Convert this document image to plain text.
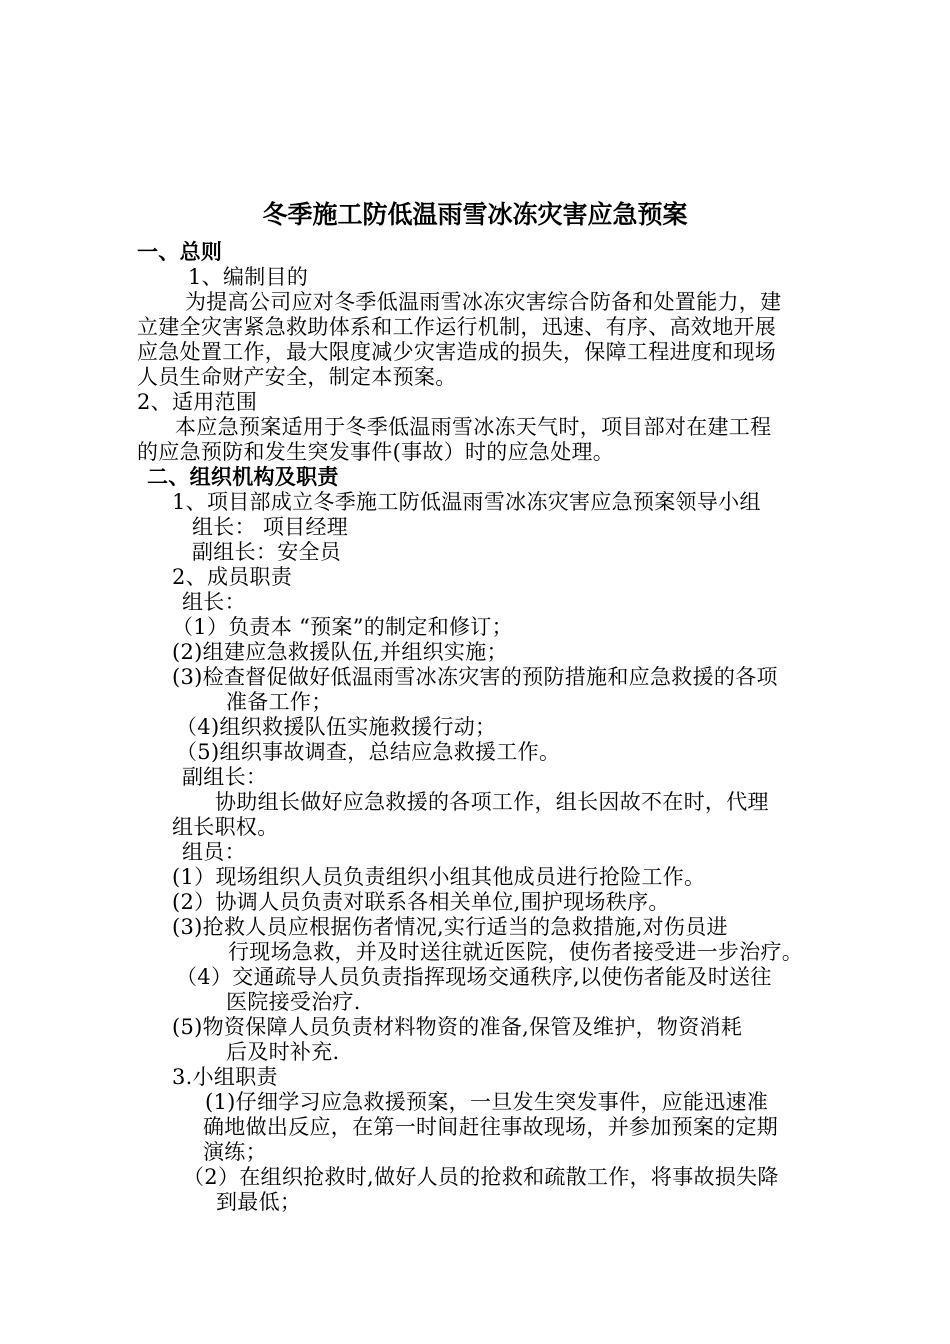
冬季施工防低温雨雪冰冻灾害应急预案
一、总则
1、编制目的
为提高公司应对冬季低温雨雪冰冻灾害综合防备和处置能力，建
立建全灾害紧急救助体系和工作运行机制，迅速、有序、高效地开展
应急处置工作，最大限度减少灾害造成的损失，保障工程进度和现场
人员生命财产安全，制定本预案。
2、适用范围
本应急预案适用于冬季低温雨雪冰冻天气时，项目部对在建工程
的应急预防和发生突发事件(事故）时的应急处理。
二、组织机构及职责
1、项目部成立冬季施工防低温雨雪冰冻灾害应急预案领导小组
组长： 项目经理
副组长：安全员
2、成员职责
组长：
（1）负责本 “预案”的制定和修订；
(2)组建应急救援队伍,并组织实施；
(3)检查督促做好低温雨雪冰冻灾害的预防措施和应急救援的各项
准备工作；
（4)组织救援队伍实施救援行动；
（5)组织事故调查，总结应急救援工作。
副组长：
协助组长做好应急救援的各项工作，组长因故不在时，代理
组长职权。
组员：
(1）现场组织人员负责组织小组其他成员进行抢险工作。
(2）协调人员负责对联系各相关单位,围护现场秩序。
(3)抢救人员应根据伤者情况,实行适当的急救措施,对伤员进
行现场急救，并及时送往就近医院，使伤者接受进一步治疗。
（4）交通疏导人员负责指挥现场交通秩序,以使伤者能及时送往
医院接受治疗.
(5)物资保障人员负责材料物资的准备,保管及维护，物资消耗
后及时补充.
3.小组职责
(1)仔细学习应急救援预案，一旦发生突发事件，应能迅速准
确地做出反应，在第一时间赶往事故现场，并参加预案的定期
演练；
（2）在组织抢救时,做好人员的抢救和疏散工作，将事故损失降
到最低；
